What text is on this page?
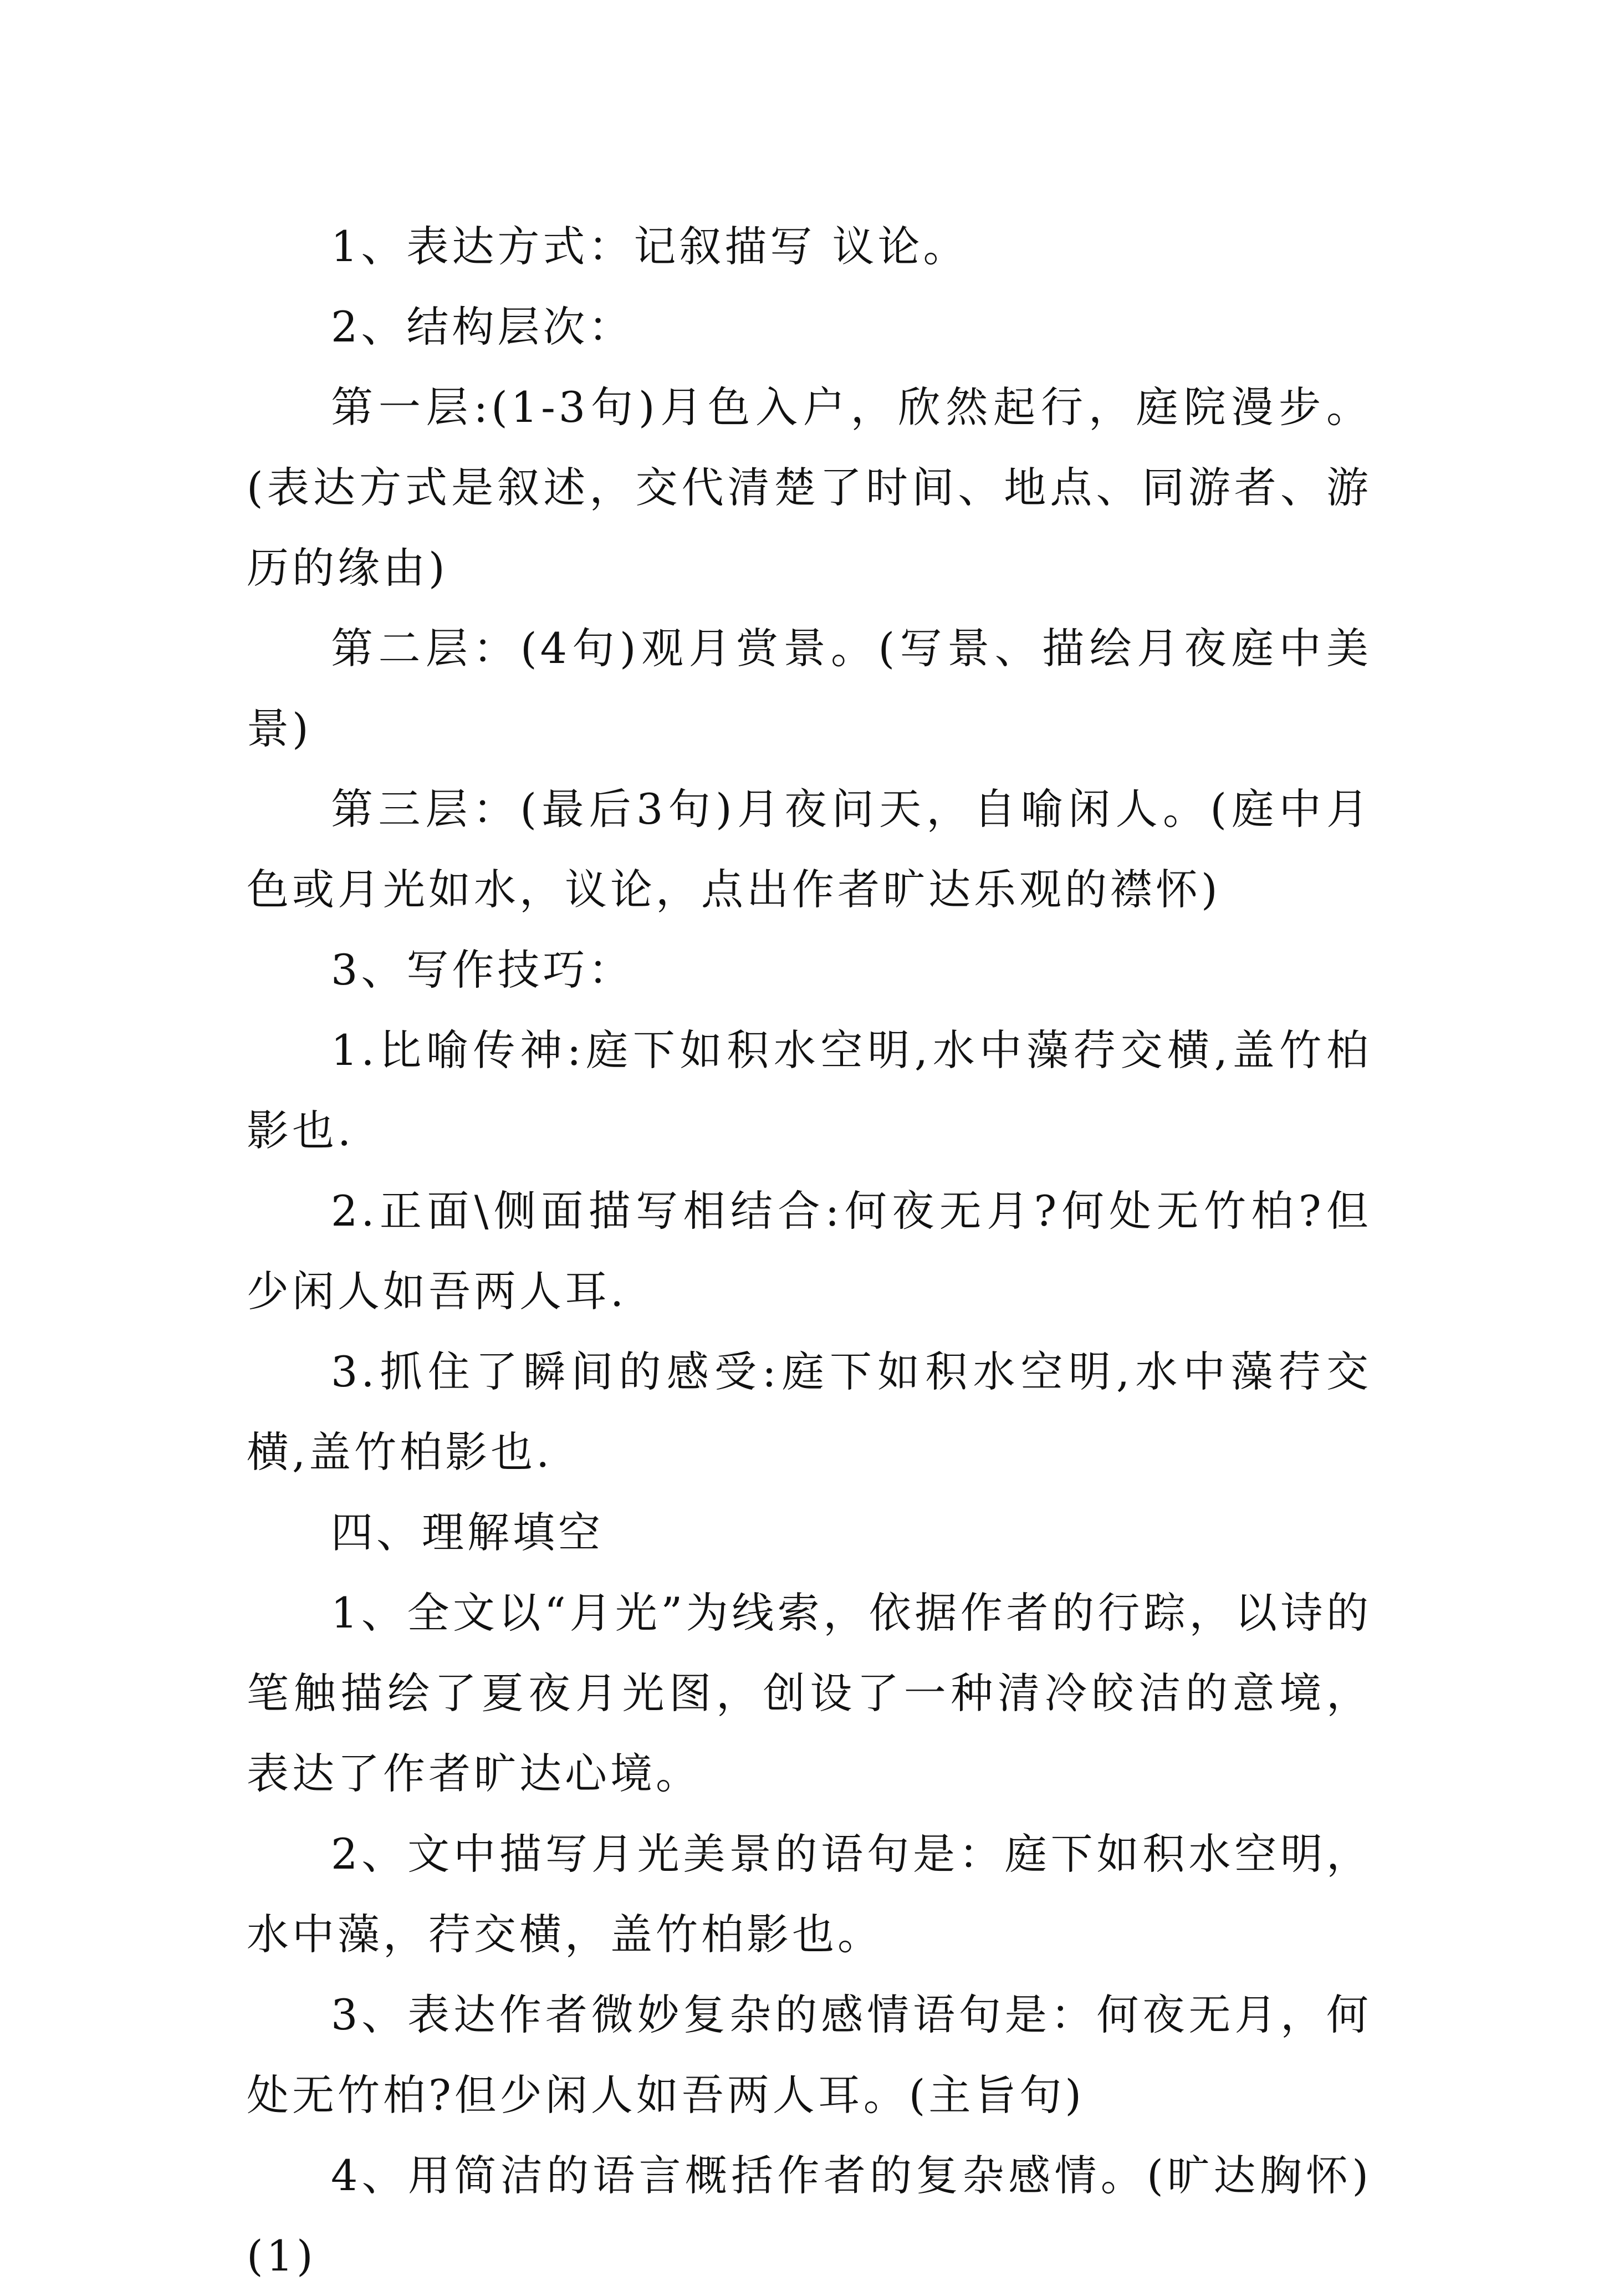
1、表达方式：记叙描写 议论。

2、结构层次：

第一层:(1-3句)月色入户，欣然起行，庭院漫步。(表达方式是叙述，交代清楚了时间、地点、同游者、游历的缘由)

第二层：(4句)观月赏景。(写景、描绘月夜庭中美景)

第三层：(最后3句)月夜问天，自喻闲人。(庭中月色或月光如水，议论，点出作者旷达乐观的襟怀)

3、写作技巧：

1.比喻传神:庭下如积水空明,水中藻荇交横,盖竹柏影也.

2.正面\侧面描写相结合:何夜无月?何处无竹柏?但少闲人如吾两人耳.

3.抓住了瞬间的感受:庭下如积水空明,水中藻荇交横,盖竹柏影也.

四、理解填空

1、全文以“月光”为线索，依据作者的行踪，以诗的笔触描绘了夏夜月光图，创设了一种清冷皎洁的意境，表达了作者旷达心境。

2、文中描写月光美景的语句是：庭下如积水空明，水中藻，荇交横，盖竹柏影也。

3、表达作者微妙复杂的感情语句是：何夜无月，何处无竹柏?但少闲人如吾两人耳。(主旨句)

4、用简洁的语言概括作者的复杂感情。(旷达胸怀)(1)
